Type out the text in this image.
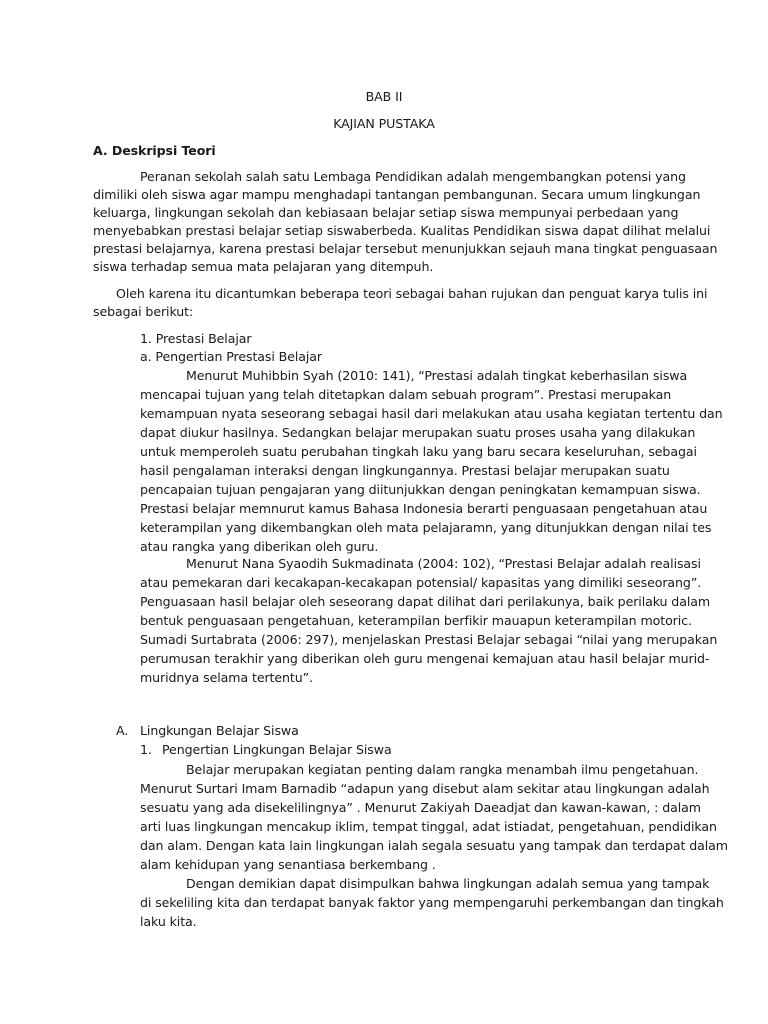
BAB II
KAJIAN PUSTAKA
A. Deskripsi Teori
Peranan sekolah salah satu Lembaga Pendidikan adalah mengembangkan potensi yang
dimiliki oleh siswa agar mampu menghadapi tantangan pembangunan. Secara umum lingkungan
keluarga, lingkungan sekolah dan kebiasaan belajar setiap siswa mempunyai perbedaan yang
menyebabkan prestasi belajar setiap siswaberbeda. Kualitas Pendidikan siswa dapat dilihat melalui
prestasi belajarnya, karena prestasi belajar tersebut menunjukkan sejauh mana tingkat penguasaan
siswa terhadap semua mata pelajaran yang ditempuh.
Oleh karena itu dicantumkan beberapa teori sebagai bahan rujukan dan penguat karya tulis ini
sebagai berikut:
1. Prestasi Belajar
a. Pengertian Prestasi Belajar
Menurut Muhibbin Syah (2010: 141), “Prestasi adalah tingkat keberhasilan siswa
mencapai tujuan yang telah ditetapkan dalam sebuah program”. Prestasi merupakan
kemampuan nyata seseorang sebagai hasil dari melakukan atau usaha kegiatan tertentu dan
dapat diukur hasilnya. Sedangkan belajar merupakan suatu proses usaha yang dilakukan
untuk memperoleh suatu perubahan tingkah laku yang baru secara keseluruhan, sebagai
hasil pengalaman interaksi dengan lingkungannya. Prestasi belajar merupakan suatu
pencapaian tujuan pengajaran yang diitunjukkan dengan peningkatan kemampuan siswa.
Prestasi belajar memnurut kamus Bahasa Indonesia berarti penguasaan pengetahuan atau
keterampilan yang dikembangkan oleh mata pelajaramn, yang ditunjukkan dengan nilai tes
atau rangka yang diberikan oleh guru.
Menurut Nana Syaodih Sukmadinata (2004: 102), “Prestasi Belajar adalah realisasi
atau pemekaran dari kecakapan-kecakapan potensial/ kapasitas yang dimiliki seseorang”.
Penguasaan hasil belajar oleh seseorang dapat dilihat dari perilakunya, baik perilaku dalam
bentuk penguasaan pengetahuan, keterampilan berfikir mauapun keterampilan motoric.
Sumadi Surtabrata (2006: 297), menjelaskan Prestasi Belajar sebagai “nilai yang merupakan
perumusan terakhir yang diberikan oleh guru mengenai kemajuan atau hasil belajar murid-
muridnya selama tertentu”.
A. Lingkungan Belajar Siswa
1. Pengertian Lingkungan Belajar Siswa
Belajar merupakan kegiatan penting dalam rangka menambah ilmu pengetahuan.
Menurut Surtari Imam Barnadib “adapun yang disebut alam sekitar atau lingkungan adalah
sesuatu yang ada disekelilingnya” . Menurut Zakiyah Daeadjat dan kawan-kawan, : dalam
arti luas lingkungan mencakup iklim, tempat tinggal, adat istiadat, pengetahuan, pendidikan
dan alam. Dengan kata lain lingkungan ialah segala sesuatu yang tampak dan terdapat dalam
alam kehidupan yang senantiasa berkembang .
Dengan demikian dapat disimpulkan bahwa lingkungan adalah semua yang tampak
di sekeliling kita dan terdapat banyak faktor yang mempengaruhi perkembangan dan tingkah
laku kita.
